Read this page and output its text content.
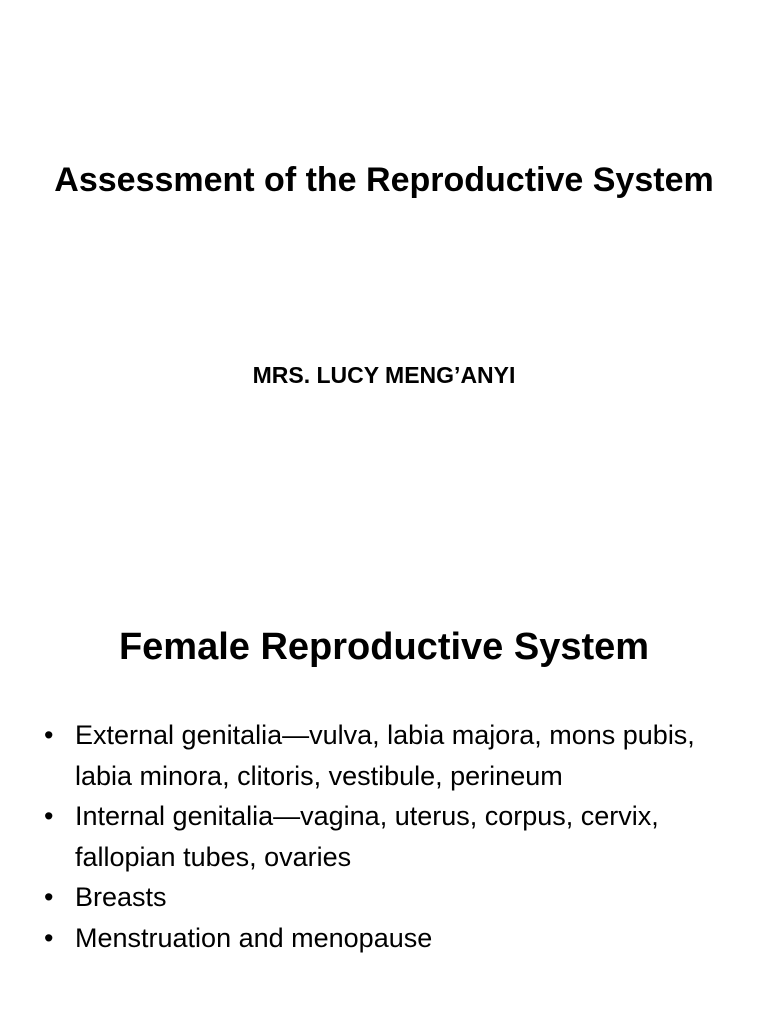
Assessment of the Reproductive System

MRS. LUCY MENG’ANYI

Female Reproductive System
• External genitalia—vulva, labia majora, mons pubis, labia minora, clitoris, vestibule, perineum
• Internal genitalia—vagina, uterus, corpus, cervix, fallopian tubes, ovaries
• Breasts
• Menstruation and menopause
